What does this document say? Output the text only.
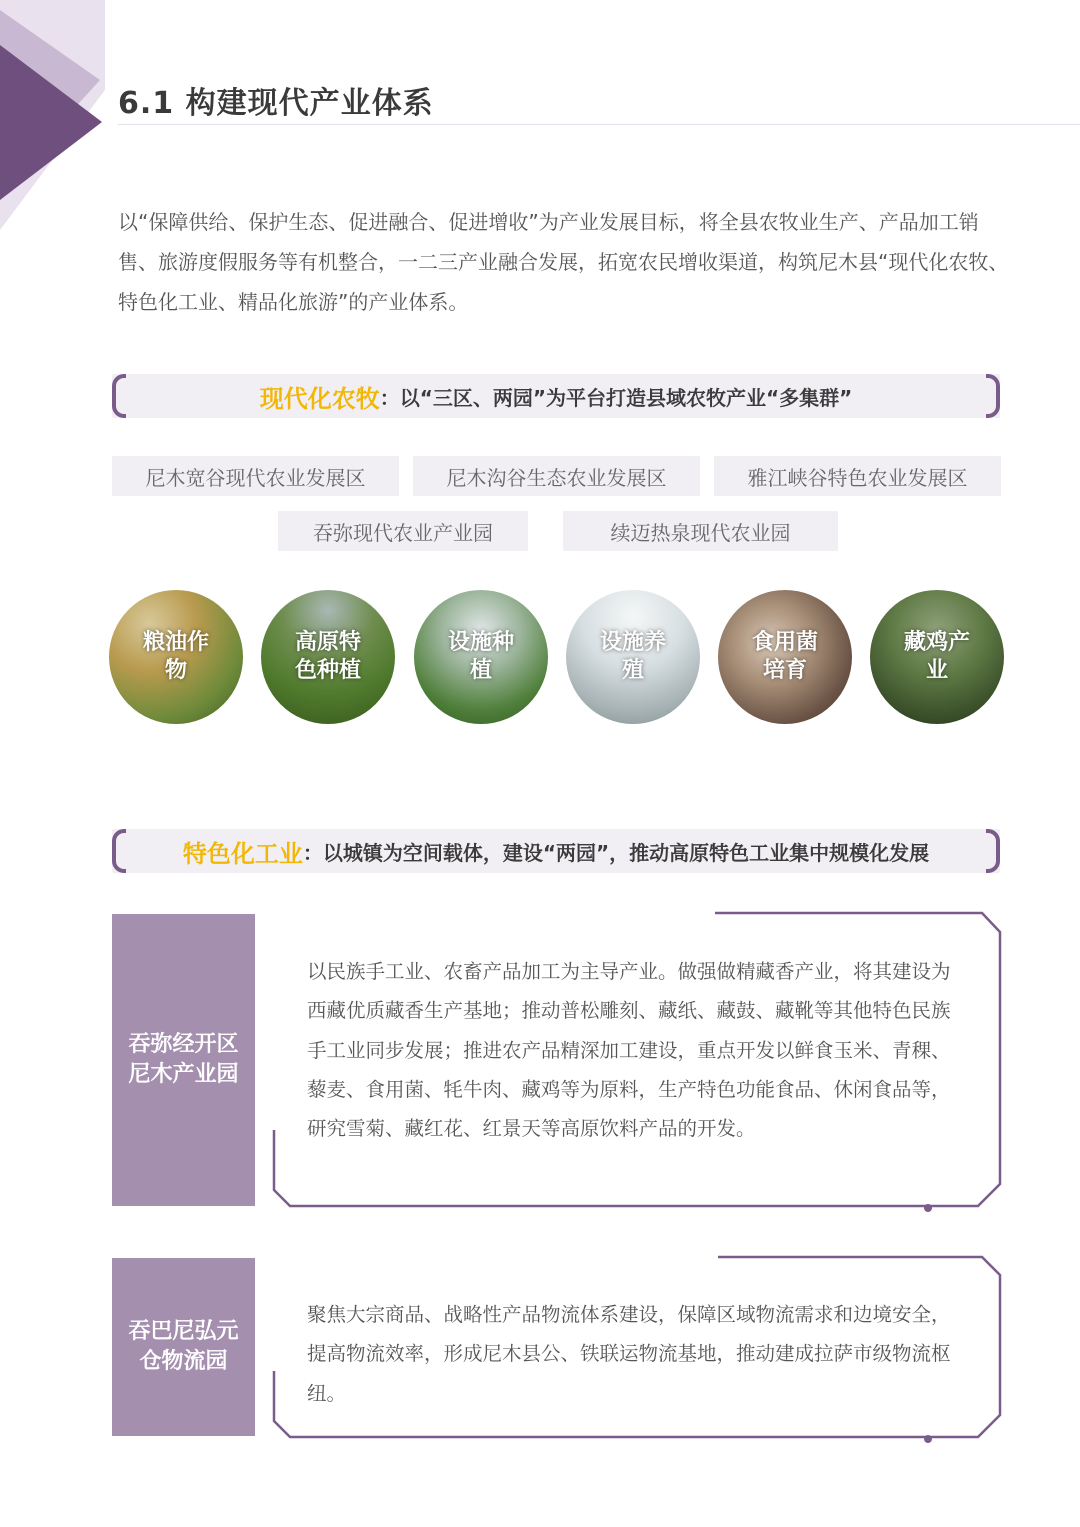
6.1 构建现代产业体系
以“保障供给、保护生态、促进融合、促进增收”为产业发展目标，将全县农牧业生产、产品加工销售、旅游度假服务等有机整合，一二三产业融合发展，拓宽农民增收渠道，构筑尼木县“现代化农牧、特色化工业、精品化旅游”的产业体系。
现代化农牧 ：以“三区、两园”为平台打造县域农牧产业“多集群”
尼木宽谷现代农业发展区	尼木沟谷生态农业发展区	雅江峡谷特色农业发展区
吞弥现代农业产业园	续迈热泉现代农业园
粮油作物
高原特色种植
设施种植
设施养殖
食用菌培育
藏鸡产业
特色化工业 ：以城镇为空间载体，建设“两园”，推动高原特色工业集中规模化发展
吞弥经开区尼木产业园
以民族手工业、农畜产品加工为主导产业。做强做精藏香产业，将其建设为西藏优质藏香生产基地；推动普松雕刻、藏纸、藏鼓、藏靴等其他特色民族手工业同步发展；推进农产品精深加工建设，重点开发以鲜食玉米、青稞、藜麦、食用菌、牦牛肉、藏鸡等为原料，生产特色功能食品、休闲食品等，研究雪菊、藏红花、红景天等高原饮料产品的开发。
吞巴尼弘元仓物流园
聚焦大宗商品、战略性产品物流体系建设，保障区域物流需求和边境安全，提高物流效率，形成尼木县公、铁联运物流基地，推动建成拉萨市级物流枢纽。
